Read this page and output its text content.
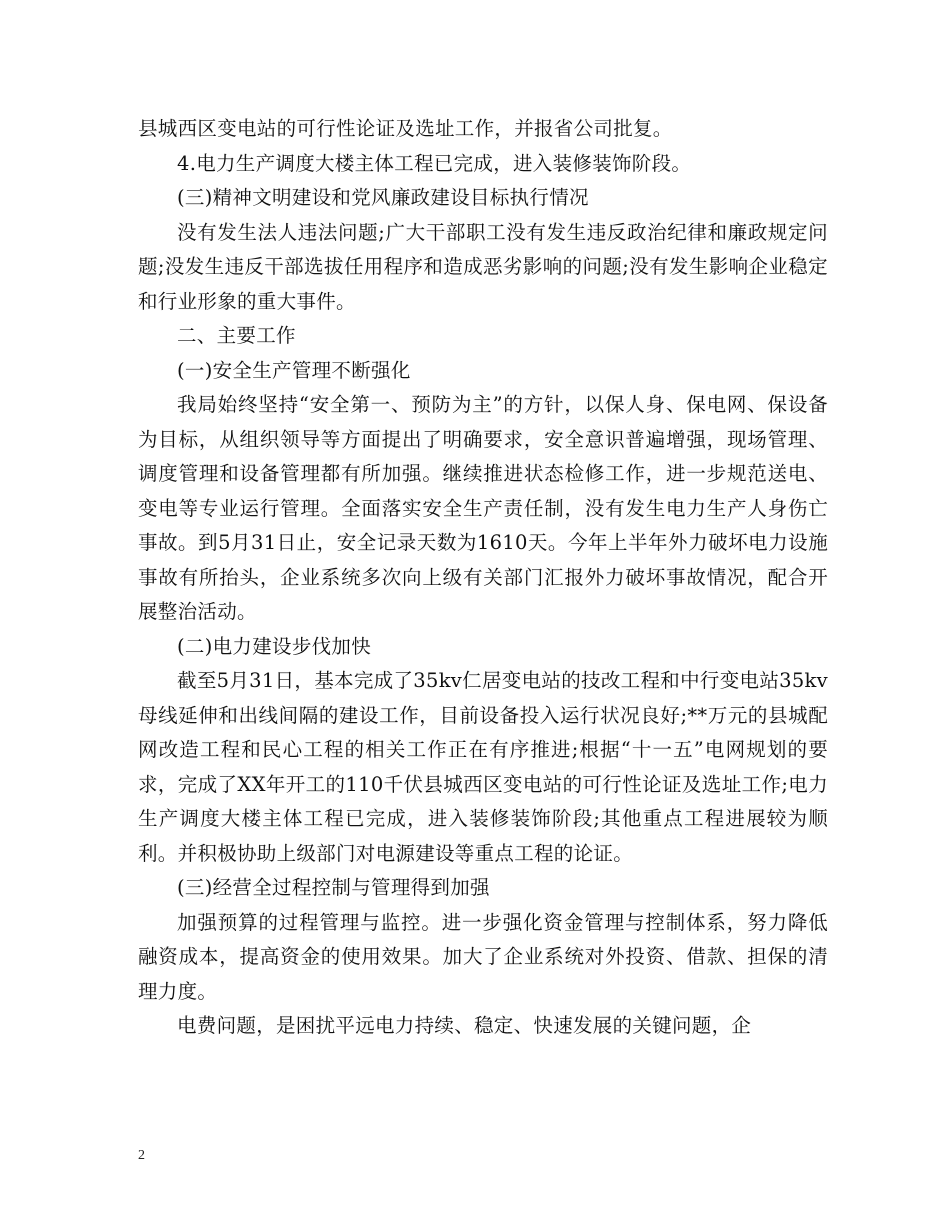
县城西区变电站的可行性论证及选址工作，并报省公司批复。

4.电力生产调度大楼主体工程已完成，进入装修装饰阶段。

(三)精神文明建设和党风廉政建设目标执行情况

没有发生法人违法问题;广大干部职工没有发生违反政治纪律和廉政规定问题;没发生违反干部选拔任用程序和造成恶劣影响的问题;没有发生影响企业稳定和行业形象的重大事件。

二、主要工作

(一)安全生产管理不断强化

我局始终坚持“安全第一、预防为主”的方针，以保人身、保电网、保设备为目标，从组织领导等方面提出了明确要求，安全意识普遍增强，现场管理、调度管理和设备管理都有所加强。继续推进状态检修工作，进一步规范送电、变电等专业运行管理。全面落实安全生产责任制，没有发生电力生产人身伤亡事故。到5月31日止，安全记录天数为1610天。今年上半年外力破坏电力设施事故有所抬头，企业系统多次向上级有关部门汇报外力破坏事故情况，配合开展整治活动。

(二)电力建设步伐加快

截至5月31日，基本完成了35kv仁居变电站的技改工程和中行变电站35kv母线延伸和出线间隔的建设工作，目前设备投入运行状况良好;**万元的县城配网改造工程和民心工程的相关工作正在有序推进;根据“十一五”电网规划的要求，完成了XX年开工的110千伏县城西区变电站的可行性论证及选址工作;电力生产调度大楼主体工程已完成，进入装修装饰阶段;其他重点工程进展较为顺利。并积极协助上级部门对电源建设等重点工程的论证。

(三)经营全过程控制与管理得到加强

加强预算的过程管理与监控。进一步强化资金管理与控制体系，努力降低融资成本，提高资金的使用效果。加大了企业系统对外投资、借款、担保的清理力度。

电费问题，是困扰平远电力持续、稳定、快速发展的关键问题，企

2
